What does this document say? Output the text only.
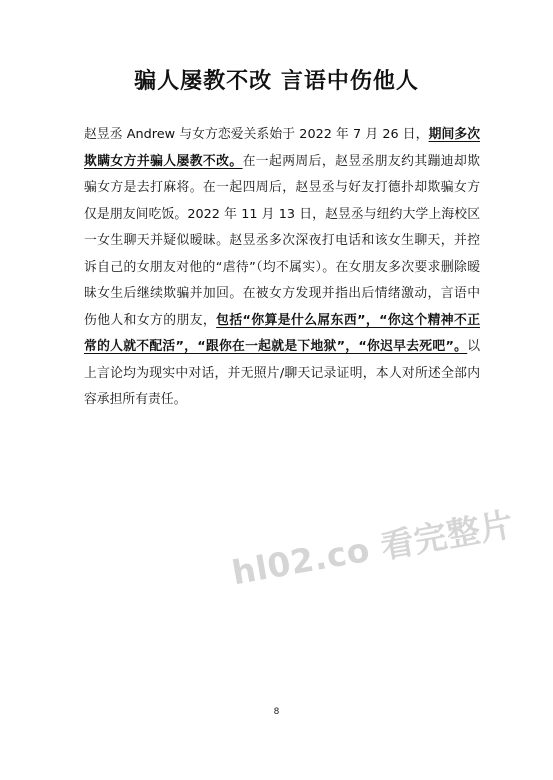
骗人屡教不改 言语中伤他人
赵昱丞 Andrew 与女方恋爱关系始于 2022 年 7 月 26 日，期间多次欺瞒女方并骗人屡教不改。在一起两周后，赵昱丞朋友约其蹦迪却欺骗女方是去打麻将。在一起四周后，赵昱丞与好友打德扑却欺骗女方仅是朋友间吃饭。2022 年 11 月 13 日，赵昱丞与纽约大学上海校区一女生聊天并疑似暧昧。赵昱丞多次深夜打电话和该女生聊天，并控诉自己的女朋友对他的“虐待”（均不属实）。在女朋友多次要求删除暧昧女生后继续欺骗并加回。在被女方发现并指出后情绪激动，言语中伤他人和女方的朋友，包括“你算是什么屌东西”，“你这个精神不正常的人就不配活”，“跟你在一起就是下地狱”，“你迟早去死吧”。以上言论均为现实中对话，并无照片/聊天记录证明，本人对所述全部内容承担所有责任。
hl02.co 看完整片
8
